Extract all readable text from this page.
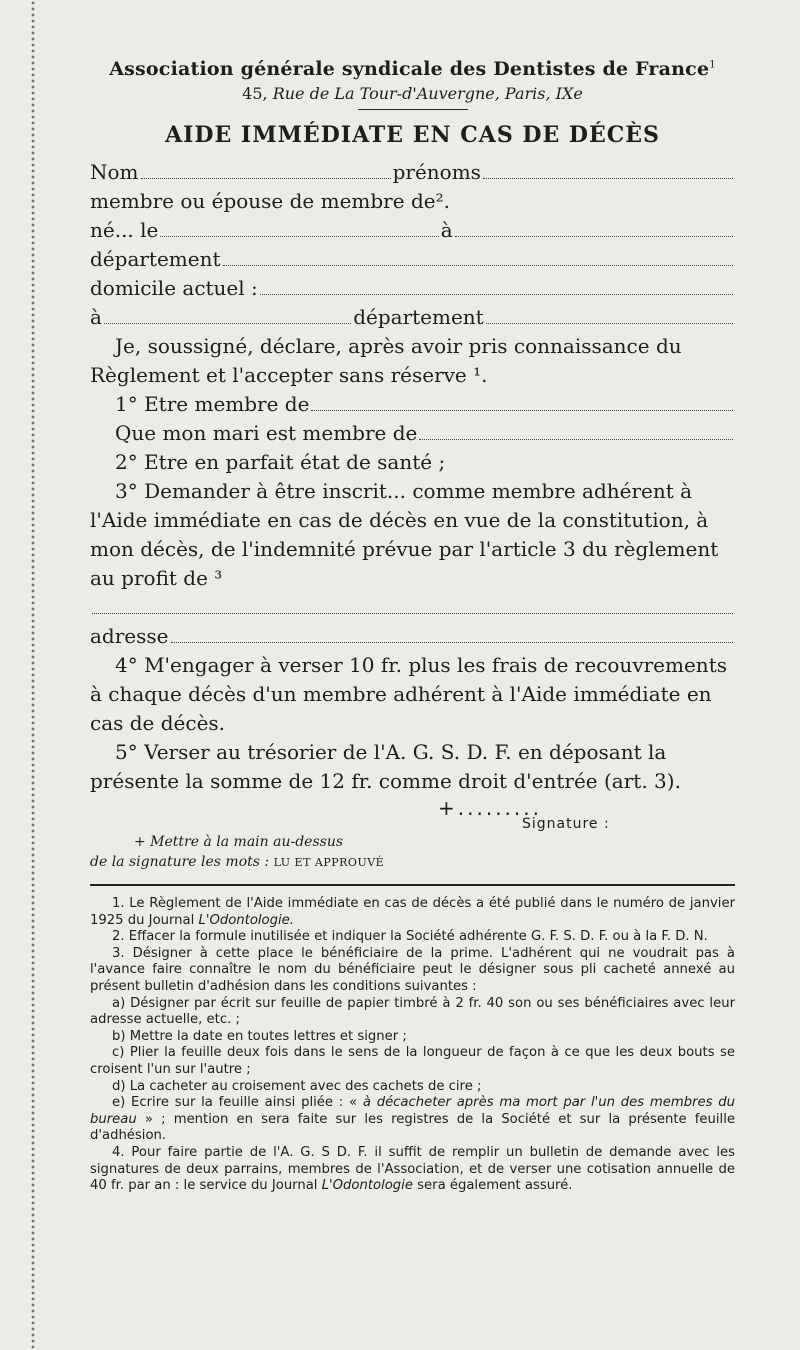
Association générale syndicale des Dentistes de France$^1$
45, Rue de La Tour-d'Auvergne, Paris, IXe
AIDE IMMÉDIATE EN CAS DE DÉCÈS
Nom	prénoms
membre ou épouse de membre de².
né... le	à
département
domicile actuel :
à	département

Je, soussigné, déclare, après avoir pris connaissance du Règlement et l'accepter sans réserve ¹.

1° Etre membre de
Que mon mari est membre de
2° Etre en parfait état de santé ;

3° Demander à être inscrit... comme membre adhérent à l'Aide immédiate en cas de décès en vue de la constitution, à mon décès, de l'indemnité prévue par l'article 3 du règlement au profit de ³

adresse

4° M'engager à verser 10 fr. plus les frais de recouvrements à chaque décès d'un membre adhérent à l'Aide immédiate en cas de décès.

5° Verser au trésorier de l'A. G. S. D. F. en déposant la présente la somme de 12 fr. comme droit d'entrée (art. 3).

+.........
Signature :
+ Mettre à la main au-dessus
de la signature les mots : LU ET APPROUVÉ

1. Le Règlement de l'Aide immédiate en cas de décès a été publié dans le numéro de janvier 1925 du Journal L'Odontologie.

2. Effacer la formule inutilisée et indiquer la Société adhérente G. F. S. D. F. ou à la F. D. N.

3. Désigner à cette place le bénéficiaire de la prime. L'adhérent qui ne voudrait pas à l'avance faire connaître le nom du bénéficiaire peut le désigner sous pli cacheté annexé au présent bulletin d'adhésion dans les conditions suivantes :

a) Désigner par écrit sur feuille de papier timbré à 2 fr. 40 son ou ses bénéficiaires avec leur adresse actuelle, etc. ;

b) Mettre la date en toutes lettres et signer ;

c) Plier la feuille deux fois dans le sens de la longueur de façon à ce que les deux bouts se croisent l'un sur l'autre ;

d) La cacheter au croisement avec des cachets de cire ;

e) Ecrire sur la feuille ainsi pliée : « à décacheter après ma mort par l'un des membres du bureau » ; mention en sera faite sur les registres de la Société et sur la présente feuille d'adhésion.

4. Pour faire partie de l'A. G. S D. F. il suffit de remplir un bulletin de demande avec les signatures de deux parrains, membres de l'Association, et de verser une cotisation annuelle de 40 fr. par an : le service du Journal L'Odontologie sera également assuré.
